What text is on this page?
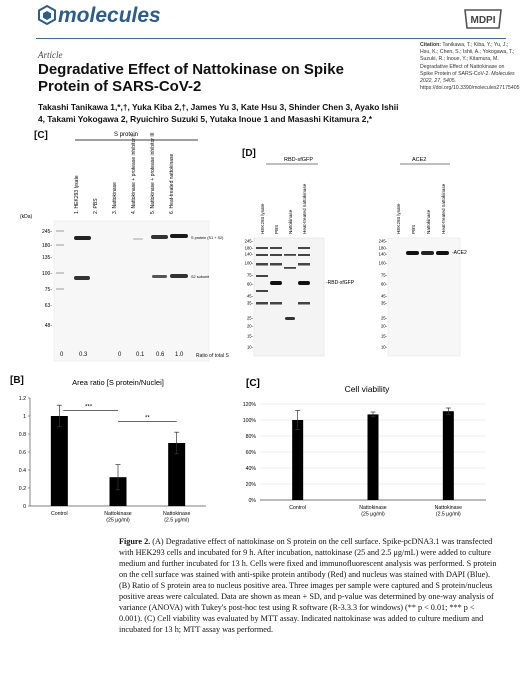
molecules	MDPI
Article
Degradative Effect of Nattokinase on Spike Protein of SARS-CoV-2
Takashi Tanikawa 1,*,†, Yuka Kiba 2,†, James Yu 3, Kate Hsu 3, Shinder Chen 3, Ayako Ishii 4, Takami Yokogawa 2, Ryuichiro Suzuki 5, Yutaka Inoue 1 and Masashi Kitamura 2,*
Citation: Tanikawa, T.; Kiba, Y.; Yu, J.; Hsu, K.; Chen, S.; Ishii, A.; Yokogawa, T.; Suzuki, R.; Inoue, Y.; Kitamura, M. Degradative Effect of Nattokinase on Spike Protein of SARS-CoV-2. Molecules 2022, 27, 5405. https://doi.org/10.3390/molecules27175405
[C]	S protein
1. HEK293 lysate	2. PBS	3. Nattokinase	4. Nattokinase + protease inhibitor I	5. Nattokinase + protease inhibitor III	6. Heat-treated nattokinase
(kDa)
245-
180-
135-
100-
75-
63-
48-
S protein (S1 + S2)
S2 subunit
0	0.3	0 0.1 0.6 1.0	Ratio of total S
[D]
RBD-sfGFP	ACE2
HEK293 lysate PBS Nattokinase Heat-treated nattokinase	HEK293 lysate PBS Nattokinase Heat-treated nattokinase
245-
180-
140-
100-
75-
60-
45-
35-
25-
20-
15-
10-
245-
180-
140-
100-
75-
60-
45-
35-
25-
20-
15-
10-
-RBD-sfGFP
-ACE2
[B]	Area ratio [S protein/Nuclei]
0
0.2
0.4
0.6
0.8
1
1.2
Control	Nattokinase (25 μg/ml)
Nattokinase (2.5 μg/ml)
***
**
[C]	Cell viability
0%
20%
40%
60%
80%
100%
120%
Control	Nattokinase (25 μg/ml)
Nattokinase (2.5 μg/ml)
Figure 2. (A) Degradative effect of nattokinase on S protein on the cell surface. Spike-pcDNA3.1 was transfected with HEK293 cells and incubated for 9 h. After incubation, nattokinase (25 and 2.5 μg/mL) were added to culture medium and further incubated for 13 h. Cells were fixed and immunofluorescent analysis was performed. S protein on the cell surface was stained with anti-spike protein antibody (Red) and nucleus was stained with DAPI (Blue). (B) Ratio of S protein area to nucleus positive area. Three images per sample were captured and S protein/nucleus positive areas were calculated. Data are shown as mean + SD, and p-value was determined by one-way analysis of variance (ANOVA) with Tukey's post-hoc test using R software (R-3.3.3 for windows) (** p < 0.01; *** p < 0.001). (C) Cell viability was evaluated by MTT assay. Indicated nattokinase was added to culture medium and incubated for 13 h; MTT assay was performed.
